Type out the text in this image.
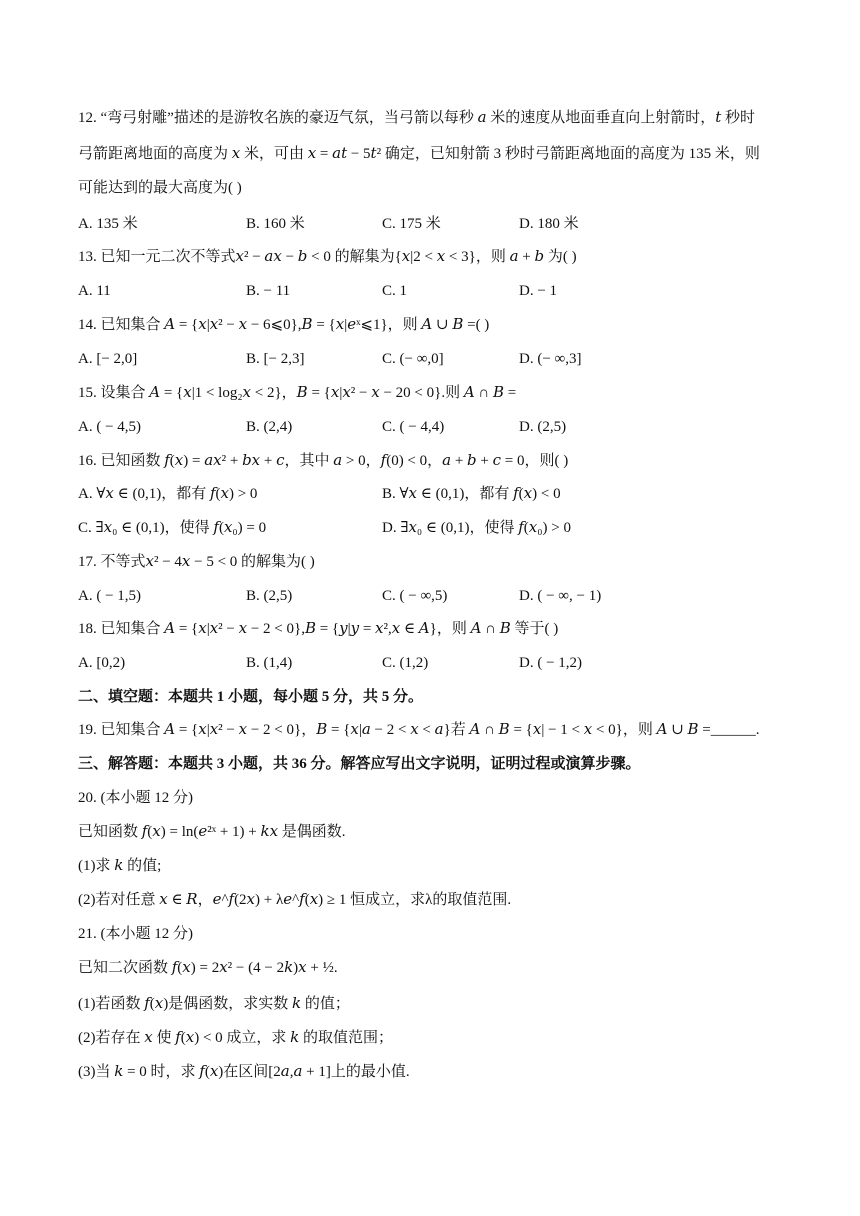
12. “弯弓射雕”描述的是游牧名族的豪迈气氛，当弓箭以每秒 𝑎 米的速度从地面垂直向上射箭时，𝑡 秒时
弓箭距离地面的高度为 𝑥 米，可由 𝑥 = 𝑎𝑡 − 5𝑡² 确定，已知射箭 3 秒时弓箭距离地面的高度为 135 米，则
可能达到的最大高度为( )
A. 135 米	B. 160 米	C. 175 米	D. 180 米
13. 已知一元二次不等式𝑥² − 𝑎𝑥 − 𝑏 < 0 的解集为{𝑥|2 < 𝑥 < 3}，则 𝑎 + 𝑏 为( )
A. 11	B. − 11	C. 1	D. − 1
14. 已知集合 𝐴 = {𝑥|𝑥² − 𝑥 − 6⩽0},𝐵 = {𝑥|𝑒ˣ⩽1}，则 𝐴 ∪ 𝐵 =( )
A. [− 2,0]	B. [− 2,3]	C. (− ∞,0]	D. (− ∞,3]
15. 设集合 𝐴 = {𝑥|1 < log₂𝑥 < 2}，𝐵 = {𝑥|𝑥² − 𝑥 − 20 < 0}.则 𝐴 ∩ 𝐵 =
A. ( − 4,5)	B. (2,4)	C. ( − 4,4)	D. (2,5)
16. 已知函数 𝑓(𝑥) = 𝑎𝑥² + 𝑏𝑥 + 𝑐，其中 𝑎 > 0，𝑓(0) < 0，𝑎 + 𝑏 + 𝑐 = 0，则( )
A. ∀𝑥 ∈ (0,1)，都有 𝑓(𝑥) > 0	B. ∀𝑥 ∈ (0,1)，都有 𝑓(𝑥) < 0
C. ∃𝑥₀ ∈ (0,1)，使得 𝑓(𝑥₀) = 0	D. ∃𝑥₀ ∈ (0,1)，使得 𝑓(𝑥₀) > 0
17. 不等式𝑥² − 4𝑥 − 5 < 0 的解集为( )
A. ( − 1,5)	B. (2,5)	C. ( − ∞,5)	D. ( − ∞, − 1)
18. 已知集合 𝐴 = {𝑥|𝑥² − 𝑥 − 2 < 0},𝐵 = {𝑦|𝑦 = 𝑥²,𝑥 ∈ 𝐴}，则 𝐴 ∩ 𝐵 等于( )
A. [0,2)	B. (1,4)	C. (1,2)	D. ( − 1,2)
二、填空题：本题共 1 小题，每小题 5 分，共 5 分。
19. 已知集合 𝐴 = {𝑥|𝑥² − 𝑥 − 2 < 0}，𝐵 = {𝑥|𝑎 − 2 < 𝑥 < 𝑎}若 𝐴 ∩ 𝐵 = {𝑥| − 1 < 𝑥 < 0}，则 𝐴 ∪ 𝐵 =______.
三、解答题：本题共 3 小题，共 36 分。解答应写出文字说明，证明过程或演算步骤。
20. (本小题 12 分)
已知函数 𝑓(𝑥) = ln(𝑒²ˣ + 1) + 𝑘𝑥 是偶函数.
(1)求 𝑘 的值;
(2)若对任意 𝑥 ∈ 𝑅，𝑒^𝑓(2𝑥) + λ𝑒^𝑓(𝑥) ≥ 1 恒成立，求λ的取值范围.
21. (本小题 12 分)
已知二次函数 𝑓(𝑥) = 2𝑥² − (4 − 2𝑘)𝑥 + ½.
(1)若函数 𝑓(𝑥)是偶函数，求实数 𝑘 的值；
(2)若存在 𝑥 使 𝑓(𝑥) < 0 成立，求 𝑘 的取值范围；
(3)当 𝑘 = 0 时，求 𝑓(𝑥)在区间[2𝑎,𝑎 + 1]上的最小值.
